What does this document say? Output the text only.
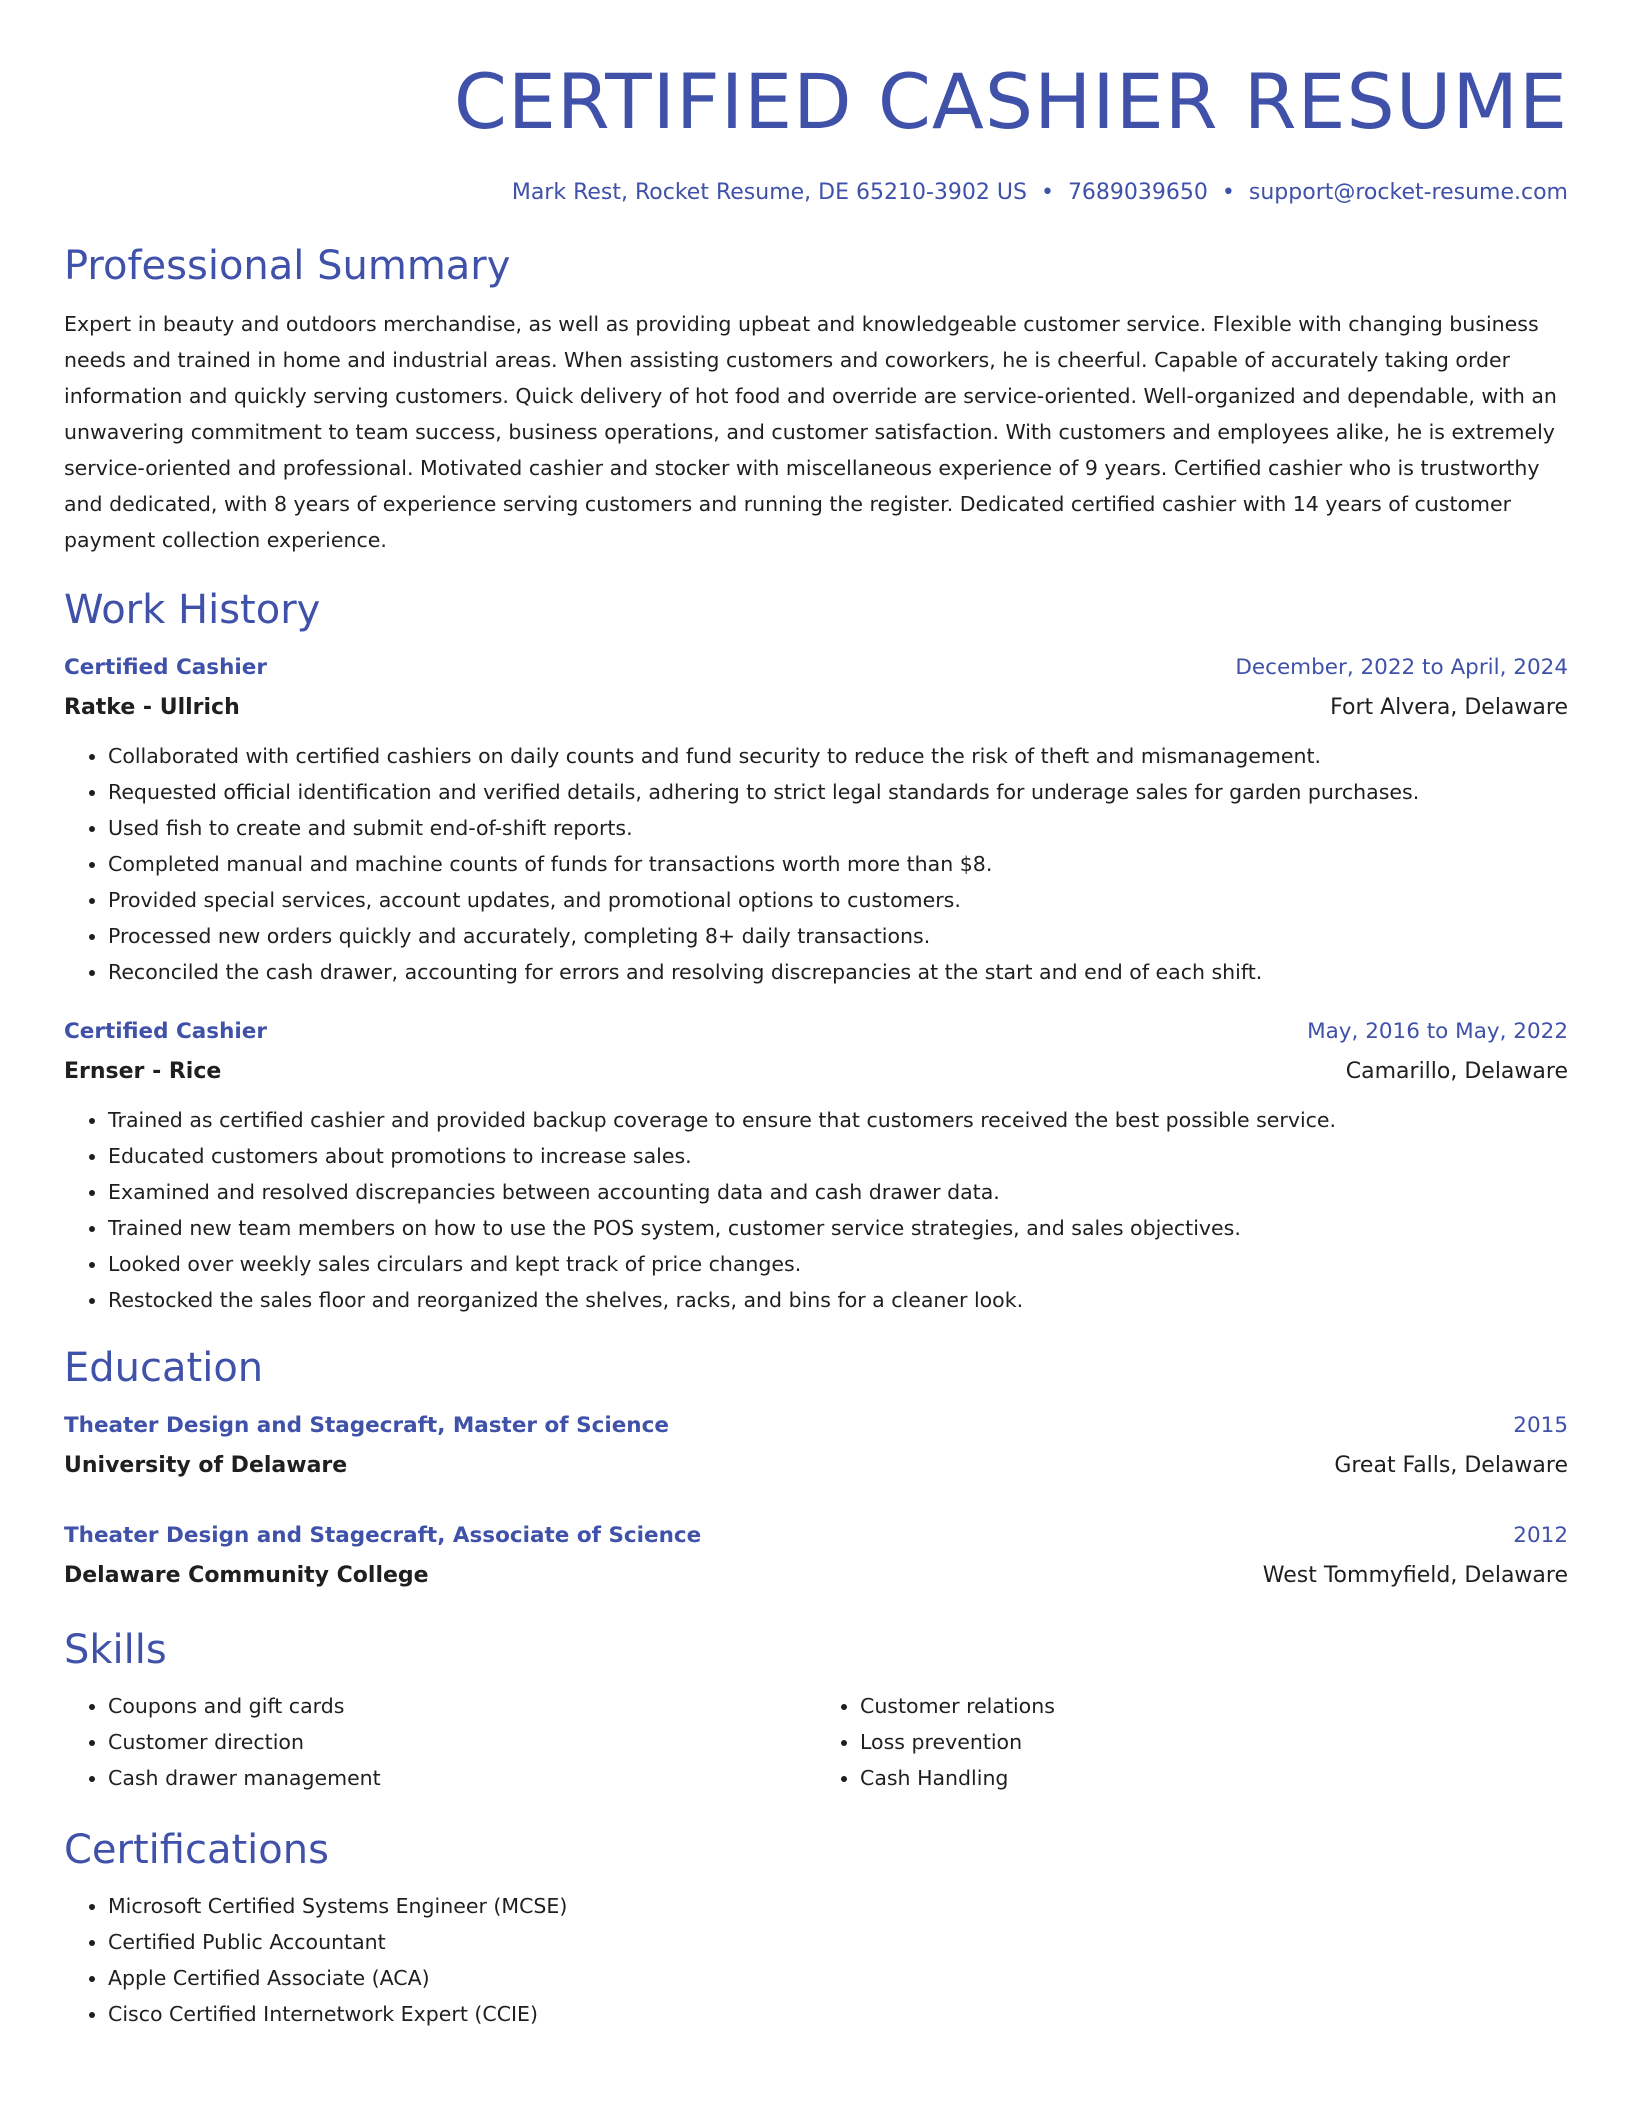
CERTIFIED CASHIER RESUME
Mark Rest, Rocket Resume, DE 65210-3902 US • 7689039650 • support@rocket-resume.com
Professional Summary
Expert in beauty and outdoors merchandise, as well as providing upbeat and knowledgeable customer service. Flexible with changing business needs and trained in home and industrial areas. When assisting customers and coworkers, he is cheerful. Capable of accurately taking order information and quickly serving customers. Quick delivery of hot food and override are service-oriented. Well-organized and dependable, with an unwavering commitment to team success, business operations, and customer satisfaction. With customers and employees alike, he is extremely service-oriented and professional. Motivated cashier and stocker with miscellaneous experience of 9 years. Certified cashier who is trustworthy and dedicated, with 8 years of experience serving customers and running the register. Dedicated certified cashier with 14 years of customer payment collection experience.
Work History
Certified Cashier	December, 2022 to April, 2024
Ratke - Ullrich	Fort Alvera, Delaware
• Collaborated with certified cashiers on daily counts and fund security to reduce the risk of theft and mismanagement.
• Requested official identification and verified details, adhering to strict legal standards for underage sales for garden purchases.
• Used fish to create and submit end-of-shift reports.
• Completed manual and machine counts of funds for transactions worth more than $8.
• Provided special services, account updates, and promotional options to customers.
• Processed new orders quickly and accurately, completing 8+ daily transactions.
• Reconciled the cash drawer, accounting for errors and resolving discrepancies at the start and end of each shift.
Certified Cashier	May, 2016 to May, 2022
Ernser - Rice	Camarillo, Delaware
• Trained as certified cashier and provided backup coverage to ensure that customers received the best possible service.
• Educated customers about promotions to increase sales.
• Examined and resolved discrepancies between accounting data and cash drawer data.
• Trained new team members on how to use the POS system, customer service strategies, and sales objectives.
• Looked over weekly sales circulars and kept track of price changes.
• Restocked the sales floor and reorganized the shelves, racks, and bins for a cleaner look.
Education
Theater Design and Stagecraft, Master of Science	2015
University of Delaware	Great Falls, Delaware
Theater Design and Stagecraft, Associate of Science	2012
Delaware Community College	West Tommyfield, Delaware
Skills
• Coupons and gift cards
• Customer direction
• Cash drawer management
• Customer relations
• Loss prevention
• Cash Handling
Certifications
• Microsoft Certified Systems Engineer (MCSE)
• Certified Public Accountant
• Apple Certified Associate (ACA)
• Cisco Certified Internetwork Expert (CCIE)
